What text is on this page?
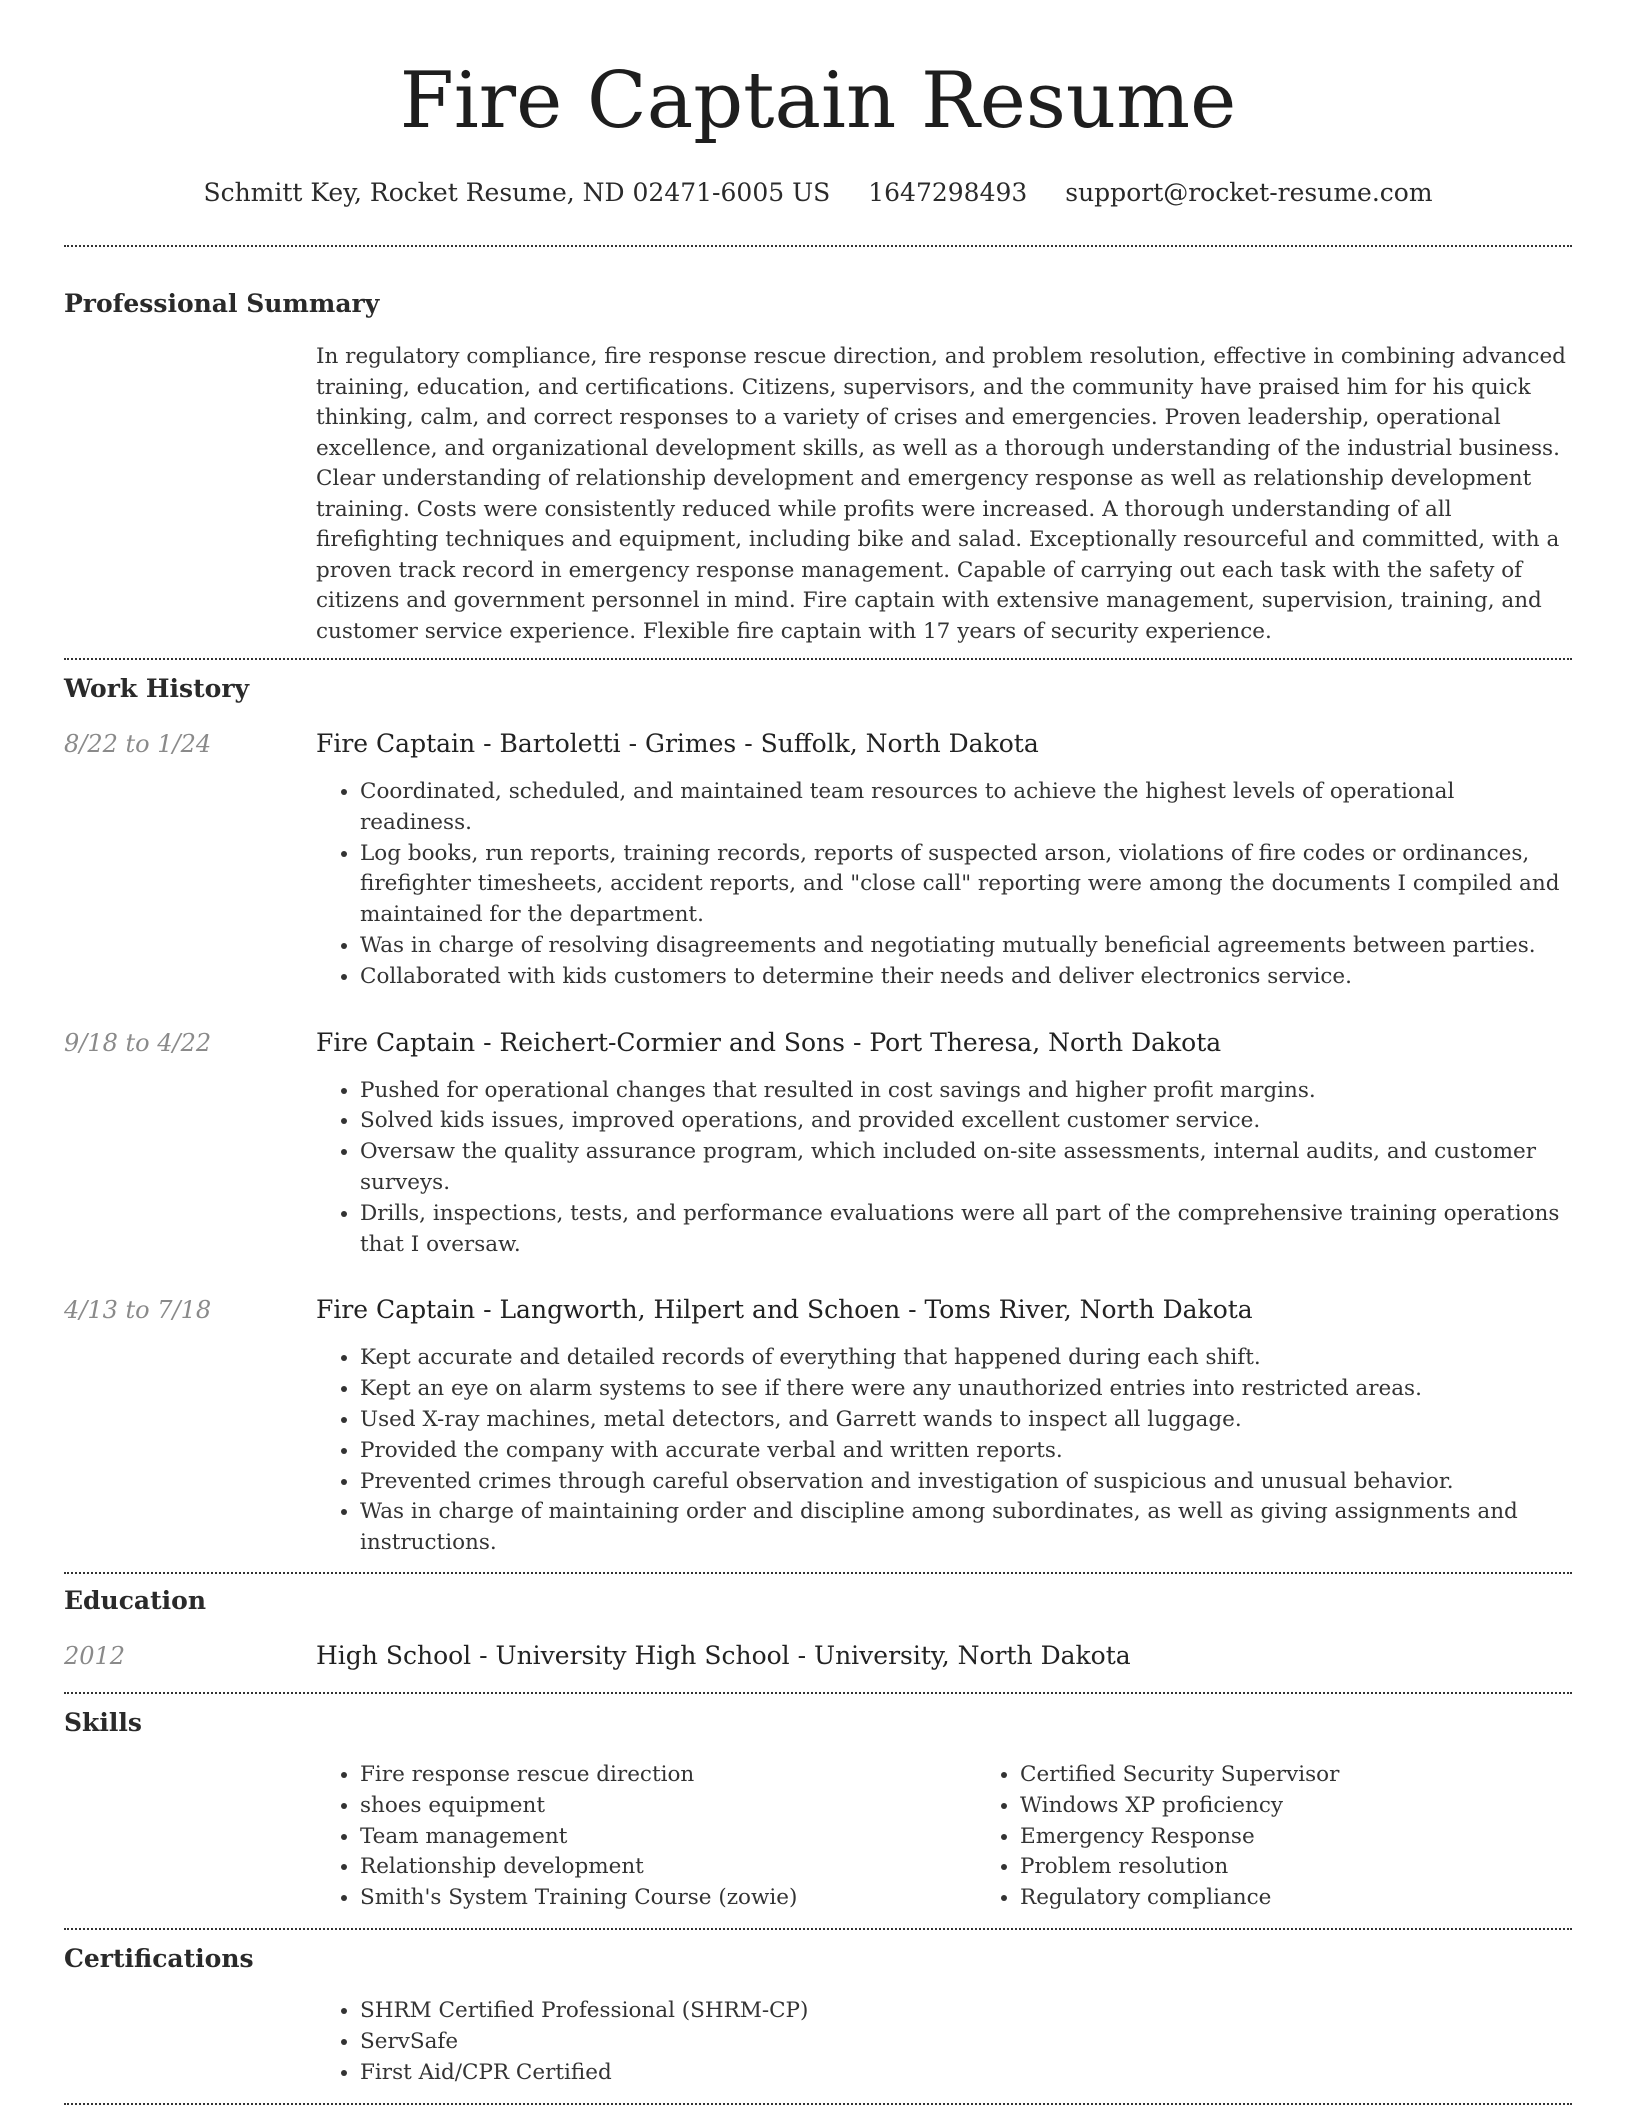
Fire Captain Resume
Schmitt Key, Rocket Resume, ND 02471-6005 US 1647298493 support@rocket-resume.com
Professional Summary

In regulatory compliance, fire response rescue direction, and problem resolution, effective in combining advanced training, education, and certifications. Citizens, supervisors, and the community have praised him for his quick thinking, calm, and correct responses to a variety of crises and emergencies. Proven leadership, operational excellence, and organizational development skills, as well as a thorough understanding of the industrial business. Clear understanding of relationship development and emergency response as well as relationship development training. Costs were consistently reduced while profits were increased. A thorough understanding of all firefighting techniques and equipment, including bike and salad. Exceptionally resourceful and committed, with a proven track record in emergency response management. Capable of carrying out each task with the safety of citizens and government personnel in mind. Fire captain with extensive management, supervision, training, and customer service experience. Flexible fire captain with 17 years of security experience.

Work History
8/22 to 1/24	Fire Captain - Bartoletti - Grimes - Suffolk, North Dakota

• Coordinated, scheduled, and maintained team resources to achieve the highest levels of operational readiness.
• Log books, run reports, training records, reports of suspected arson, violations of fire codes or ordinances, firefighter timesheets, accident reports, and "close call" reporting were among the documents I compiled and maintained for the department.
• Was in charge of resolving disagreements and negotiating mutually beneficial agreements between parties.
• Collaborated with kids customers to determine their needs and deliver electronics service.
9/18 to 4/22	Fire Captain - Reichert-Cormier and Sons - Port Theresa, North Dakota

• Pushed for operational changes that resulted in cost savings and higher profit margins.
• Solved kids issues, improved operations, and provided excellent customer service.
• Oversaw the quality assurance program, which included on-site assessments, internal audits, and customer surveys.
• Drills, inspections, tests, and performance evaluations were all part of the comprehensive training operations that I oversaw.
4/13 to 7/18	Fire Captain - Langworth, Hilpert and Schoen - Toms River, North Dakota

• Kept accurate and detailed records of everything that happened during each shift.
• Kept an eye on alarm systems to see if there were any unauthorized entries into restricted areas.
• Used X-ray machines, metal detectors, and Garrett wands to inspect all luggage.
• Provided the company with accurate verbal and written reports.
• Prevented crimes through careful observation and investigation of suspicious and unusual behavior.
• Was in charge of maintaining order and discipline among subordinates, as well as giving assignments and instructions.
Education
2012	High School - University High School - University, North Dakota

Skills
• Fire response rescue direction
• shoes equipment
• Team management
• Relationship development
• Smith's System Training Course (zowie)
• Certified Security Supervisor
• Windows XP proficiency
• Emergency Response
• Problem resolution
• Regulatory compliance
Certifications
• SHRM Certified Professional (SHRM-CP)
• ServSafe
• First Aid/CPR Certified
